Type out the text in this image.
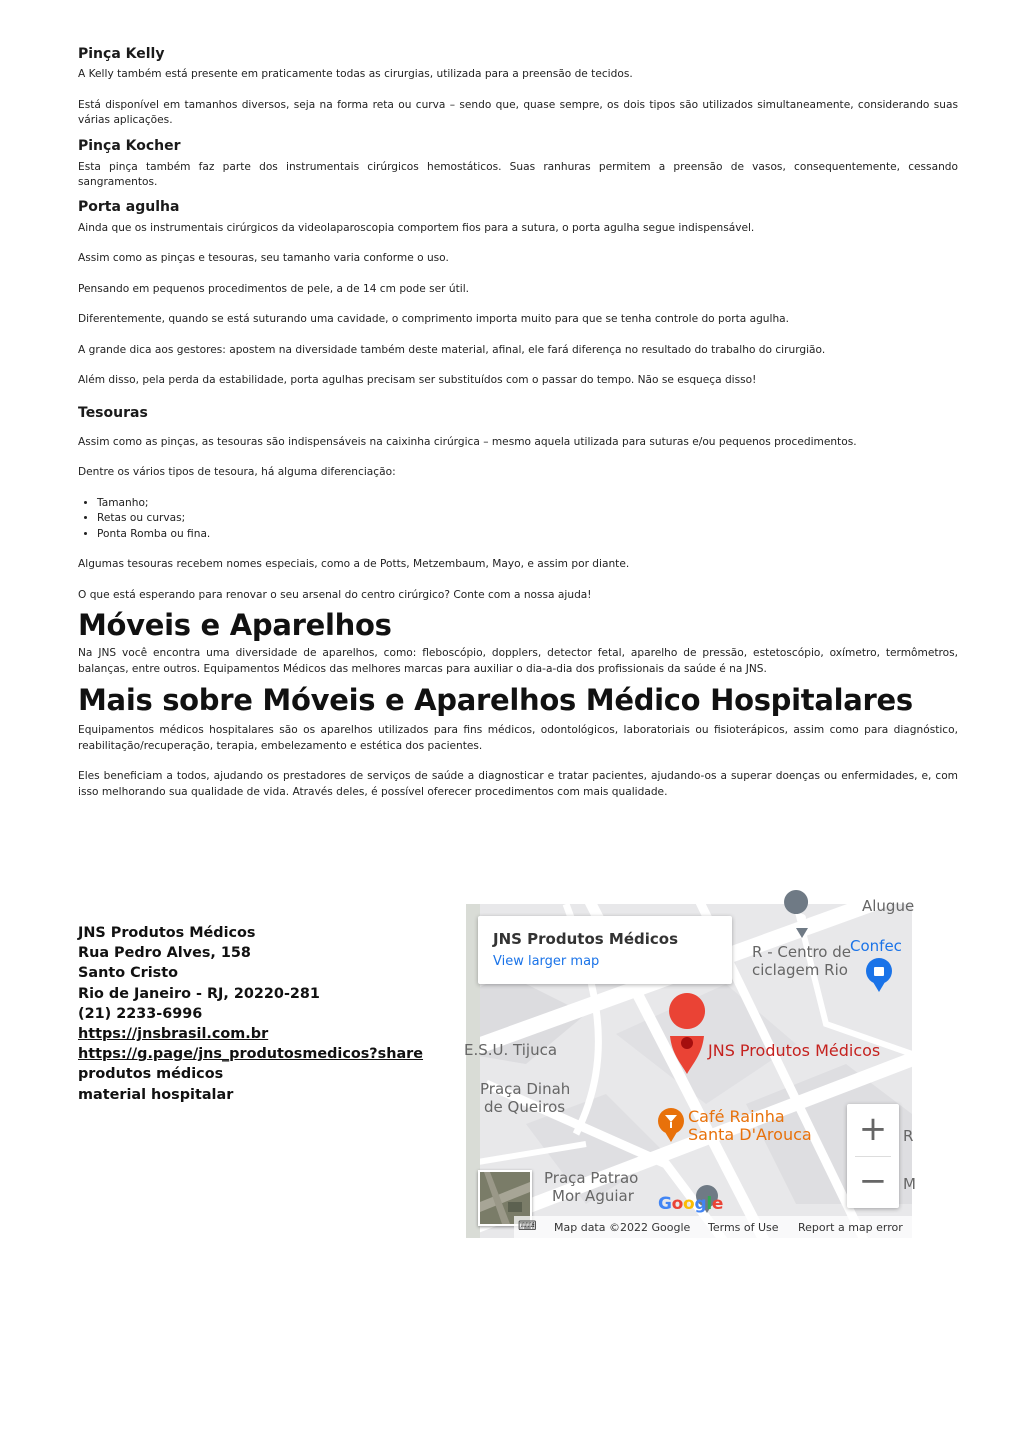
Pinça Kelly

A Kelly também está presente em praticamente todas as cirurgias, utilizada para a preensão de tecidos.

Está disponível em tamanhos diversos, seja na forma reta ou curva – sendo que, quase sempre, os dois tipos são utilizados simultaneamente, considerando suas várias aplicações.

Pinça Kocher

Esta pinça também faz parte dos instrumentais cirúrgicos hemostáticos. Suas ranhuras permitem a preensão de vasos, consequentemente, cessando sangramentos.

Porta agulha

Ainda que os instrumentais cirúrgicos da videolaparoscopia comportem fios para a sutura, o porta agulha segue indispensável.

Assim como as pinças e tesouras, seu tamanho varia conforme o uso.

Pensando em pequenos procedimentos de pele, a de 14 cm pode ser útil.

Diferentemente, quando se está suturando uma cavidade, o comprimento importa muito para que se tenha controle do porta agulha.

A grande dica aos gestores: apostem na diversidade também deste material, afinal, ele fará diferença no resultado do trabalho do cirurgião.

Além disso, pela perda da estabilidade, porta agulhas precisam ser substituídos com o passar do tempo. Não se esqueça disso!

Tesouras

Assim como as pinças, as tesouras são indispensáveis na caixinha cirúrgica – mesmo aquela utilizada para suturas e/ou pequenos procedimentos.

Dentre os vários tipos de tesoura, há alguma diferenciação:

• Tamanho;
• Retas ou curvas;
• Ponta Romba ou fina.

Algumas tesouras recebem nomes especiais, como a de Potts, Metzembaum, Mayo, e assim por diante.

O que está esperando para renovar o seu arsenal do centro cirúrgico? Conte com a nossa ajuda!

Móveis e Aparelhos

Na JNS você encontra uma diversidade de aparelhos, como: fleboscópio, dopplers, detector fetal, aparelho de pressão, estetoscópio, oxímetro, termômetros, balanças, entre outros. Equipamentos Médicos das melhores marcas para auxiliar o dia-a-dia dos profissionais da saúde é na JNS.

Mais sobre Móveis e Aparelhos Médico Hospitalares

Equipamentos médicos hospitalares são os aparelhos utilizados para fins médicos, odontológicos, laboratoriais ou fisioterápicos, assim como para diagnóstico, reabilitação/recuperação, terapia, embelezamento e estética dos pacientes.

Eles beneficiam a todos, ajudando os prestadores de serviços de saúde a diagnosticar e tratar pacientes, ajudando-os a superar doenças ou enfermidades, e, com isso melhorando sua qualidade de vida. Através deles, é possível oferecer procedimentos com mais qualidade.

JNS Produtos Médicos
Rua Pedro Alves, 158
Santo Cristo
Rio de Janeiro - RJ, 20220-281
(21) 2233-6996
https://jnsbrasil.com.br
https://g.page/jns_produtosmedicos?share
produtos médicos
material hospitalar
Alugue
R - Centro de
ciclagem Rio
Confec
E.S.U. Tijuca	JNS Produtos Médicos
Praça Dinah
de Queiros	Café Rainha
Santa D'Arouca
Praça Patrao
Mor Aguiar
R
M
JNS Produtos Médicos
View larger map
+
−
Google
⌨ Map data ©2022 Google Terms of Use Report a map error
